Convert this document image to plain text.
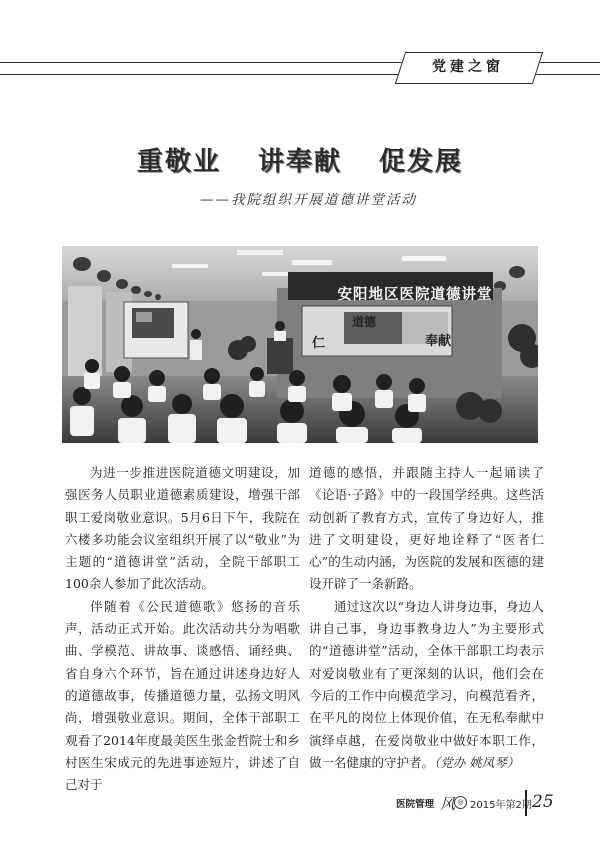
党建之窗
重敬业 讲奉献 促发展
——我院组织开展道德讲堂活动
安阳地区医院道德讲堂
道德
仁	奉献

为进一步推进医院道德文明建设，加强医务人员职业道德素质建设，增强干部职工爱岗敬业意识。5月6日下午，我院在六楼多功能会议室组织开展了以“敬业”为主题的“道德讲堂”活动，全院干部职工100余人参加了此次活动。

伴随着《公民道德歌》悠扬的音乐声，活动正式开始。此次活动共分为唱歌曲、学模范、讲故事、谈感悟、诵经典、省自身六个环节，旨在通过讲述身边好人的道德故事，传播道德力量，弘扬文明风尚，增强敬业意识。期间，全体干部职工观看了2014年度最美医生张金哲院士和乡村医生宋成元的先进事迹短片，讲述了自己对于

道德的感悟，并跟随主持人一起诵读了《论语·子路》中的一段国学经典。这些活动创新了教育方式，宣传了身边好人，推进了文明建设，更好地诠释了“医者仁心”的生动内涵，为医院的发展和医德的建设开辟了一条新路。

通过这次以“身边人讲身边事，身边人讲自己事，身边事教身边人”为主要形式的“道德讲堂”活动，全体干部职工均表示对爱岗敬业有了更深刻的认识，他们会在今后的工作中向模范学习，向模范看齐，在平凡的岗位上体现价值，在无私奉献中演绎卓越，在爱岗敬业中做好本职工作，做一名健康的守护者。（党办 姚凤琴）

医院管理 风 ◎ 2015年第2期 25
